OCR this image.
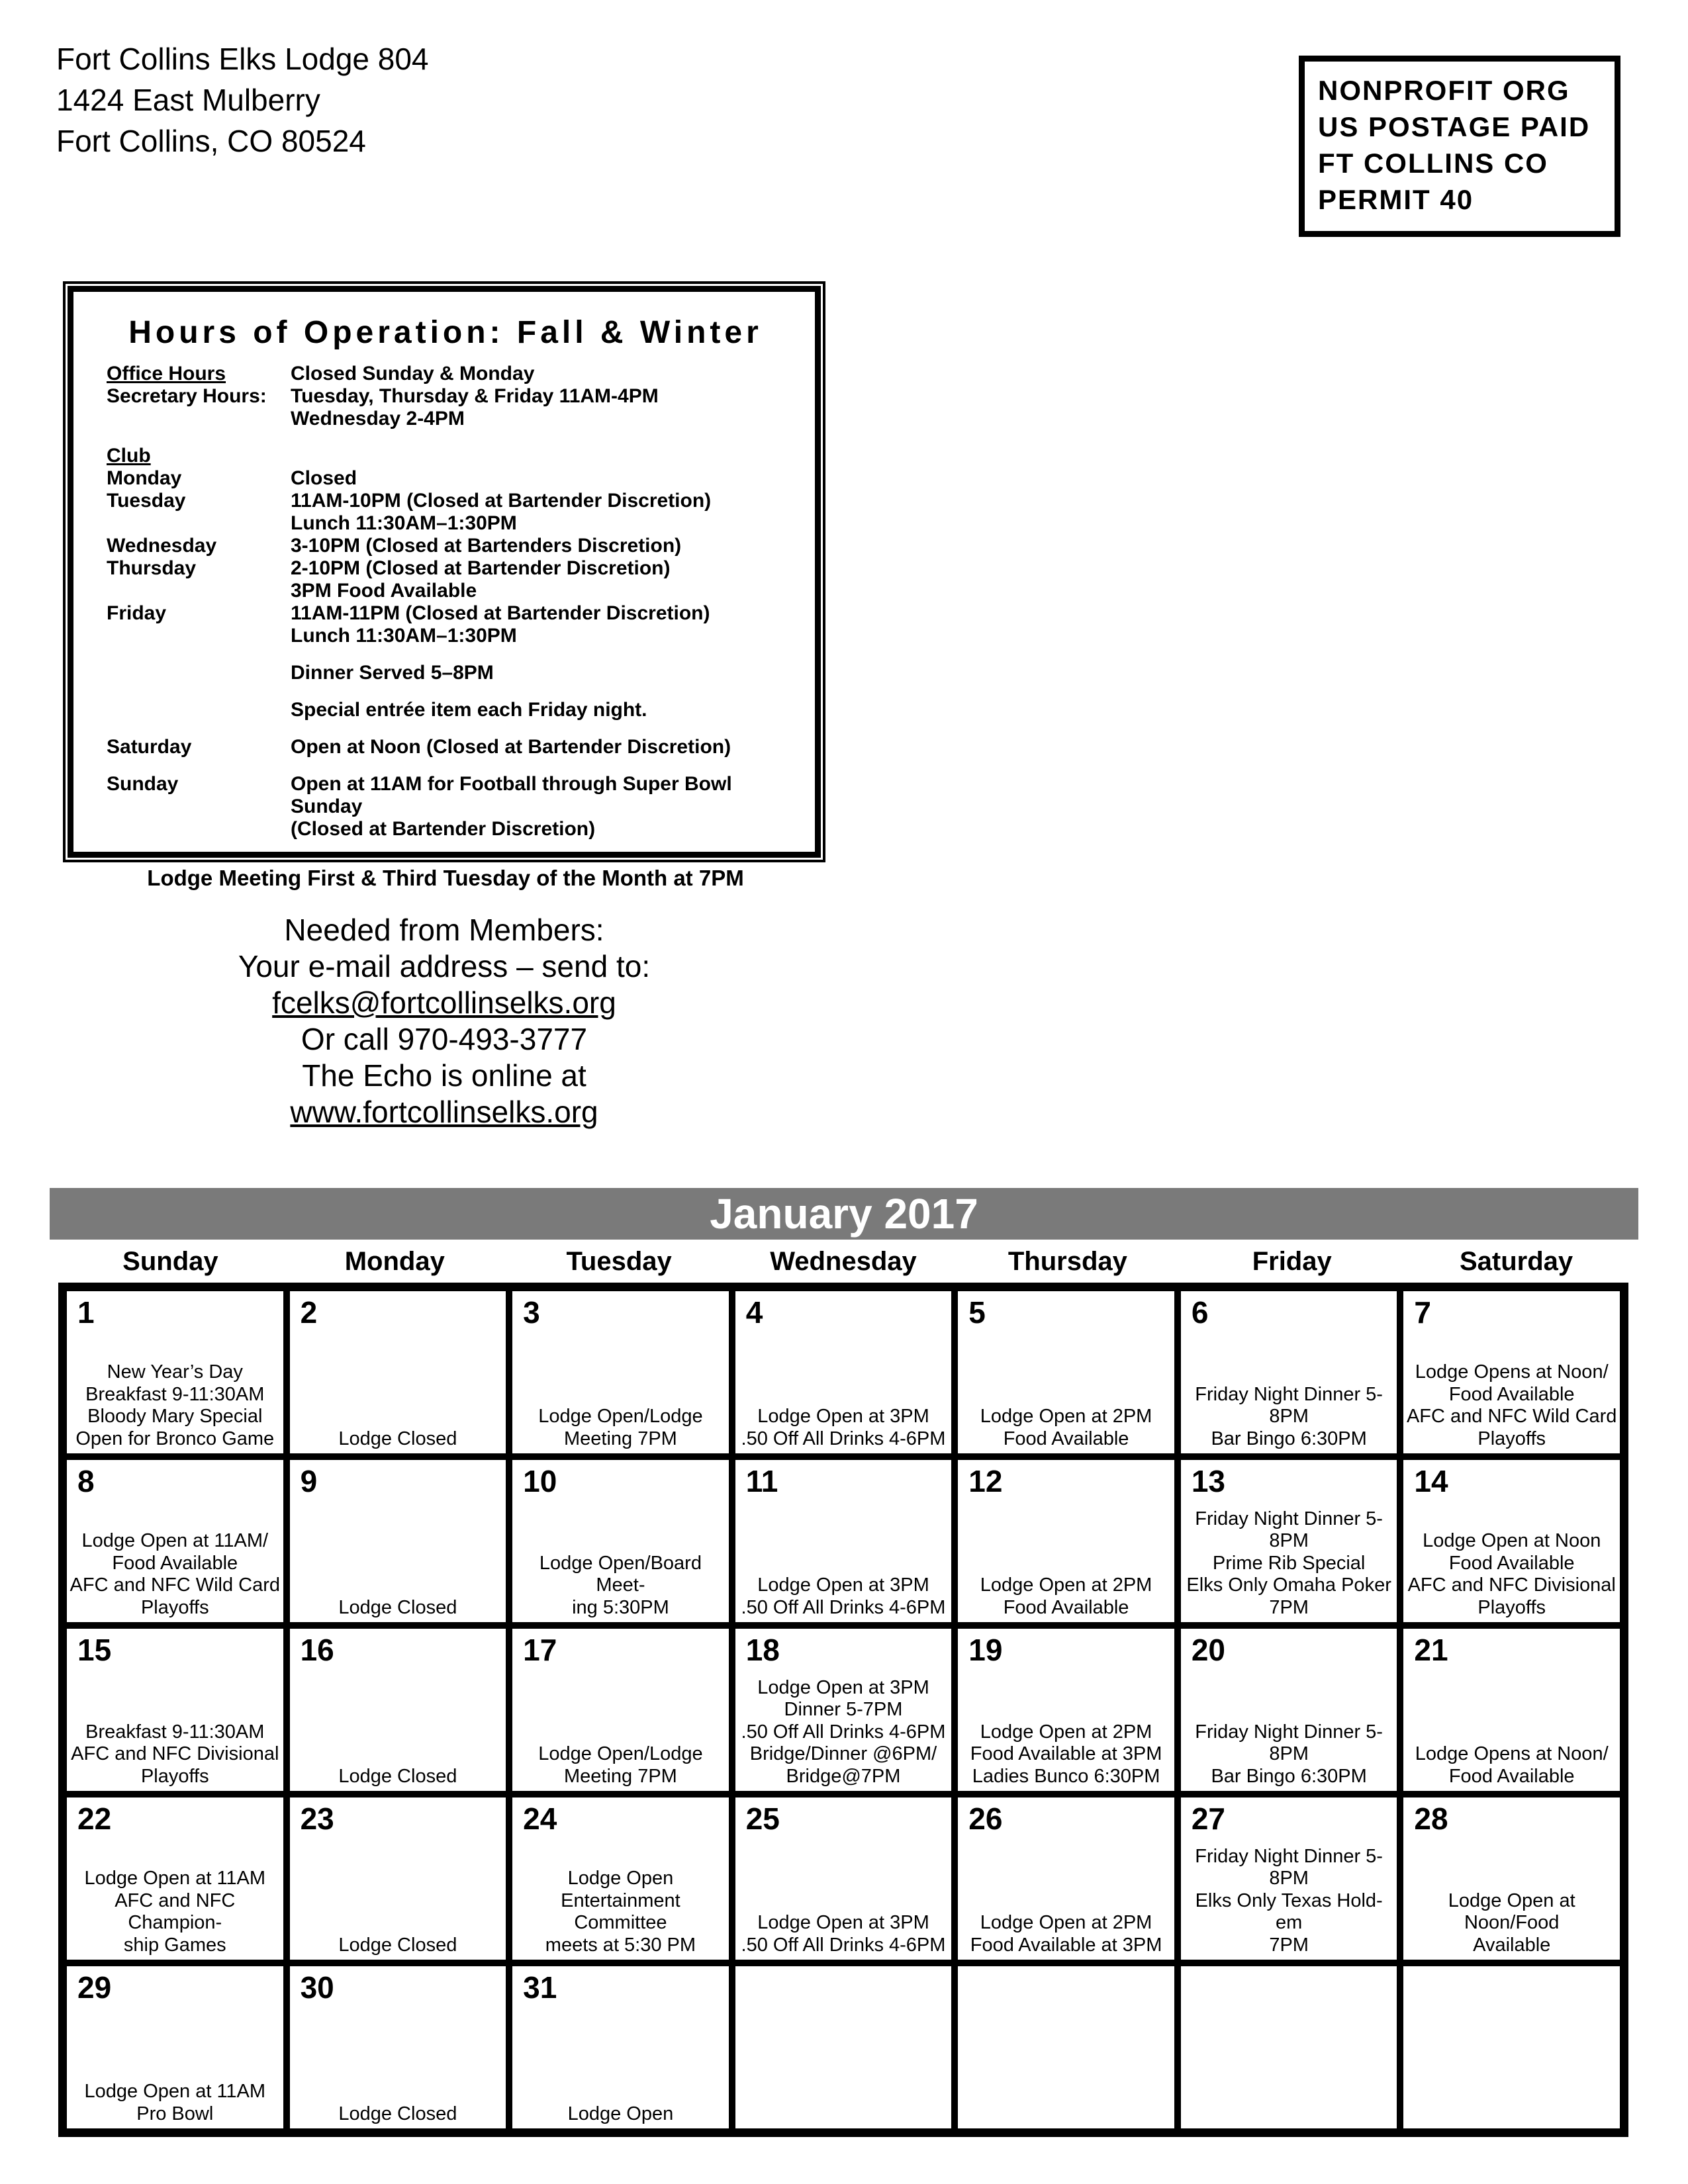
Fort Collins Elks Lodge 804
1424 East Mulberry
Fort Collins, CO 80524
NONPROFIT ORG
US POSTAGE PAID
FT COLLINS CO
PERMIT 40
Hours of Operation: Fall & Winter
Office Hours	Closed Sunday & Monday
Secretary Hours:	Tuesday, Thursday & Friday 11AM-4PM
Wednesday 2-4PM
Club
Monday	Closed
Tuesday	11AM-10PM (Closed at Bartender Discretion)
Lunch 11:30AM–1:30PM
Wednesday	3-10PM (Closed at Bartenders Discretion)
Thursday	2-10PM (Closed at Bartender Discretion)
3PM Food Available
Friday	11AM-11PM (Closed at Bartender Discretion)
Lunch 11:30AM–1:30PM
Dinner Served 5–8PM
Special entrée item each Friday night.
Saturday	Open at Noon (Closed at Bartender Discretion)
Sunday	Open at 11AM for Football through Super Bowl Sunday
(Closed at Bartender Discretion)
Lodge Meeting First & Third Tuesday of the Month at 7PM
Needed from Members:
Your e-mail address – send to:
fcelks@fortcollinselks.org
Or call 970-493-3777
The Echo is online at
www.fortcollinselks.org
January 2017
Sunday	Monday	Tuesday	Wednesday	Thursday	Friday	Saturday
1
New Year’s Day
Breakfast 9-11:30AM
Bloody Mary Special
Open for Bronco Game
2
Lodge Closed
3
Lodge Open/Lodge
Meeting 7PM
4
Lodge Open at 3PM
.50 Off All Drinks 4-6PM
5
Lodge Open at 2PM
Food Available
6
Friday Night Dinner 5-8PM
Bar Bingo 6:30PM
7
Lodge Opens at Noon/
Food Available
AFC and NFC Wild Card
Playoffs
8
Lodge Open at 11AM/
Food Available
AFC and NFC Wild Card
Playoffs
9
Lodge Closed
10
Lodge Open/Board Meet-
ing 5:30PM
11
Lodge Open at 3PM
.50 Off All Drinks 4-6PM
12
Lodge Open at 2PM
Food Available
13
Friday Night Dinner 5-8PM
Prime Rib Special
Elks Only Omaha Poker
7PM
14
Lodge Open at Noon
Food Available
AFC and NFC Divisional
Playoffs
15
Breakfast 9-11:30AM
AFC and NFC Divisional
Playoffs
16
Lodge Closed
17
Lodge Open/Lodge
Meeting 7PM
18
Lodge Open at 3PM
Dinner 5-7PM
.50 Off All Drinks 4-6PM
Bridge/Dinner @6PM/
Bridge@7PM
19
Lodge Open at 2PM
Food Available at 3PM
Ladies Bunco 6:30PM
20
Friday Night Dinner 5-8PM
Bar Bingo 6:30PM
21
Lodge Opens at Noon/
Food Available
22
Lodge Open at 11AM
AFC and NFC Champion-
ship Games
23
Lodge Closed
24
Lodge Open
Entertainment Committee
meets at 5:30 PM
25
Lodge Open at 3PM
.50 Off All Drinks 4-6PM
26
Lodge Open at 2PM
Food Available at 3PM
27
Friday Night Dinner 5-8PM
Elks Only Texas Hold-em
7PM
28
Lodge Open at Noon/Food
Available
29
Lodge Open at 11AM
Pro Bowl
30
Lodge Closed
31
Lodge Open
